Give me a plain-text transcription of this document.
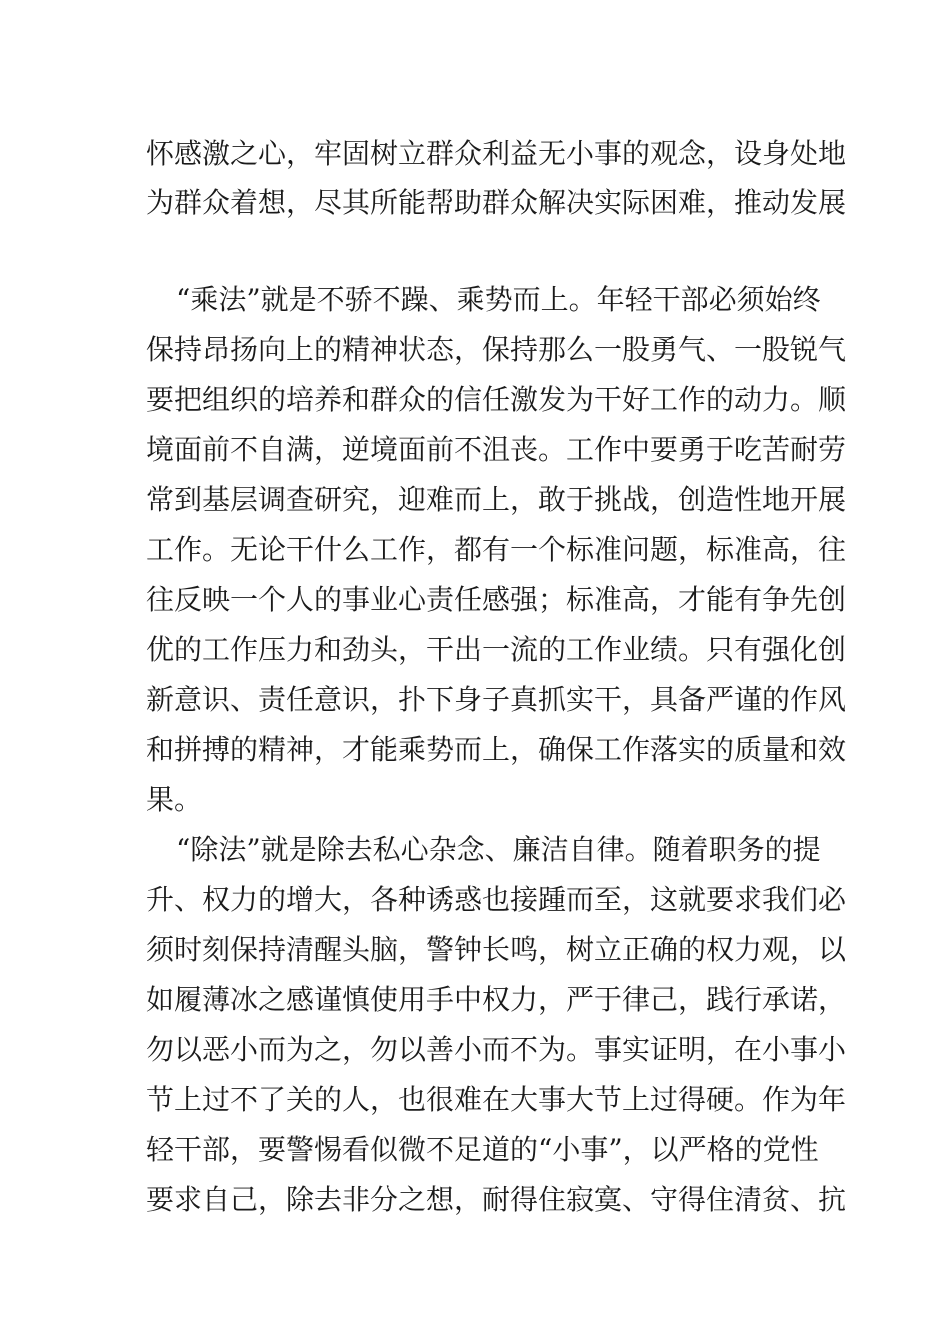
怀感激之心，牢固树立群众利益无小事的观念，设身处地
为群众着想，尽其所能帮助群众解决实际困难，推动发展
“乘法”就是不骄不躁、乘势而上。年轻干部必须始终
保持昂扬向上的精神状态，保持那么一股勇气、一股锐气
要把组织的培养和群众的信任激发为干好工作的动力。顺
境面前不自满，逆境面前不沮丧。工作中要勇于吃苦耐劳
常到基层调查研究，迎难而上，敢于挑战，创造性地开展
工作。无论干什么工作，都有一个标准问题，标准高，往
往反映一个人的事业心责任感强；标准高，才能有争先创
优的工作压力和劲头，干出一流的工作业绩。只有强化创
新意识、责任意识，扑下身子真抓实干，具备严谨的作风
和拼搏的精神，才能乘势而上，确保工作落实的质量和效
果。
“除法”就是除去私心杂念、廉洁自律。随着职务的提
升、权力的增大，各种诱惑也接踵而至，这就要求我们必
须时刻保持清醒头脑，警钟长鸣，树立正确的权力观，以
如履薄冰之感谨慎使用手中权力，严于律己，践行承诺，
勿以恶小而为之，勿以善小而不为。事实证明，在小事小
节上过不了关的人，也很难在大事大节上过得硬。作为年
轻干部，要警惕看似微不足道的“小事”，以严格的党性
要求自己，除去非分之想，耐得住寂寞、守得住清贫、抗
